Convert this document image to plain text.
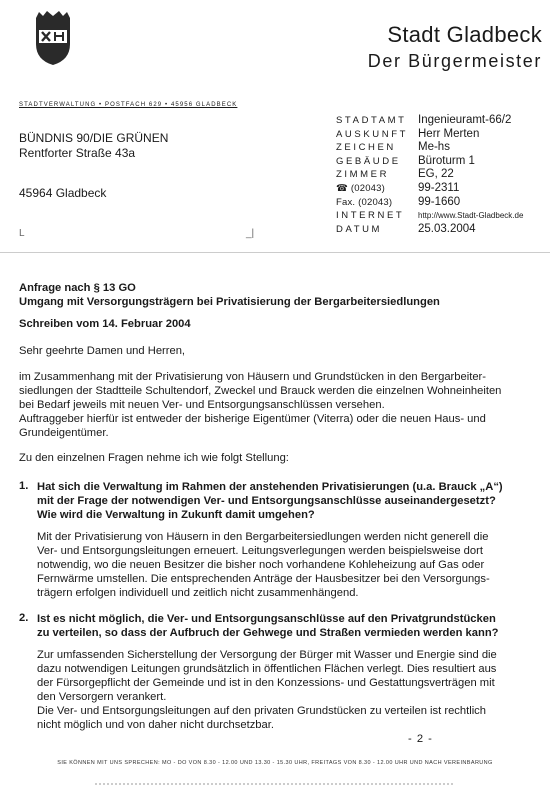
Stadt Gladbeck
Der Bürgermeister
STADTVERWALTUNG • POSTFACH 629 • 45956 GLADBECK
BÜNDNIS 90/DIE GRÜNEN
Rentforter Straße 43a
45964 Gladbeck
L	_|
STADTAMT
AUSKUNFT
ZEICHEN
GEBÄUDE
ZIMMER
☎ (02043)
Fax. (02043)
INTERNET
DATUM
Ingenieuramt-66/2
Herr Merten
Me-hs
Büroturm 1
EG, 22
99-2311
99-1660
http://www.Stadt-Gladbeck.de
25.03.2004
Anfrage nach § 13 GO
Umgang mit Versorgungsträgern bei Privatisierung der Bergarbeitersiedlungen
Schreiben vom 14. Februar 2004
Sehr geehrte Damen und Herren,
im Zusammenhang mit der Privatisierung von Häusern und Grundstücken in den Bergarbeiter-
siedlungen der Stadtteile Schultendorf, Zweckel und Brauck werden die einzelnen Wohneinheiten
bei Bedarf jeweils mit neuen Ver- und Entsorgungsanschlüssen versehen.
Auftraggeber hierfür ist entweder der bisherige Eigentümer (Viterra) oder die neuen Haus- und
Grundeigentümer.
Zu den einzelnen Fragen nehme ich wie folgt Stellung:
1. Hat sich die Verwaltung im Rahmen der anstehenden Privatisierungen (u.a. Brauck „A“)
mit der Frage der notwendigen Ver- und Entsorgungsanschlüsse auseinandergesetzt?
Wie wird die Verwaltung in Zukunft damit umgehen?
Mit der Privatisierung von Häusern in den Bergarbeitersiedlungen werden nicht generell die
Ver- und Entsorgungsleitungen erneuert. Leitungsverlegungen werden beispielsweise dort
notwendig, wo die neuen Besitzer die bisher noch vorhandene Kohleheizung auf Gas oder
Fernwärme umstellen. Die entsprechenden Anträge der Hausbesitzer bei den Versorgungs-
trägern erfolgen individuell und zeitlich nicht zusammenhängend.
2. Ist es nicht möglich, die Ver- und Entsorgungsanschlüsse auf den Privatgrundstücken
zu verteilen, so dass der Aufbruch der Gehwege und Straßen vermieden werden kann?
Zur umfassenden Sicherstellung der Versorgung der Bürger mit Wasser und Energie sind die
dazu notwendigen Leitungen grundsätzlich in öffentlichen Flächen verlegt. Dies resultiert aus
der Fürsorgepflicht der Gemeinde und ist in den Konzessions- und Gestattungsverträgen mit
den Versorgern verankert.
Die Ver- und Entsorgungsleitungen auf den privaten Grundstücken zu verteilen ist rechtlich
nicht möglich und von daher nicht durchsetzbar.
- 2 -
SIE KÖNNEN MIT UNS SPRECHEN: MO - DO VON 8.30 - 12.00 UND 13.30 - 15.30 UHR, FREITAGS VON 8.30 - 12.00 UHR UND NACH VEREINBARUNG
